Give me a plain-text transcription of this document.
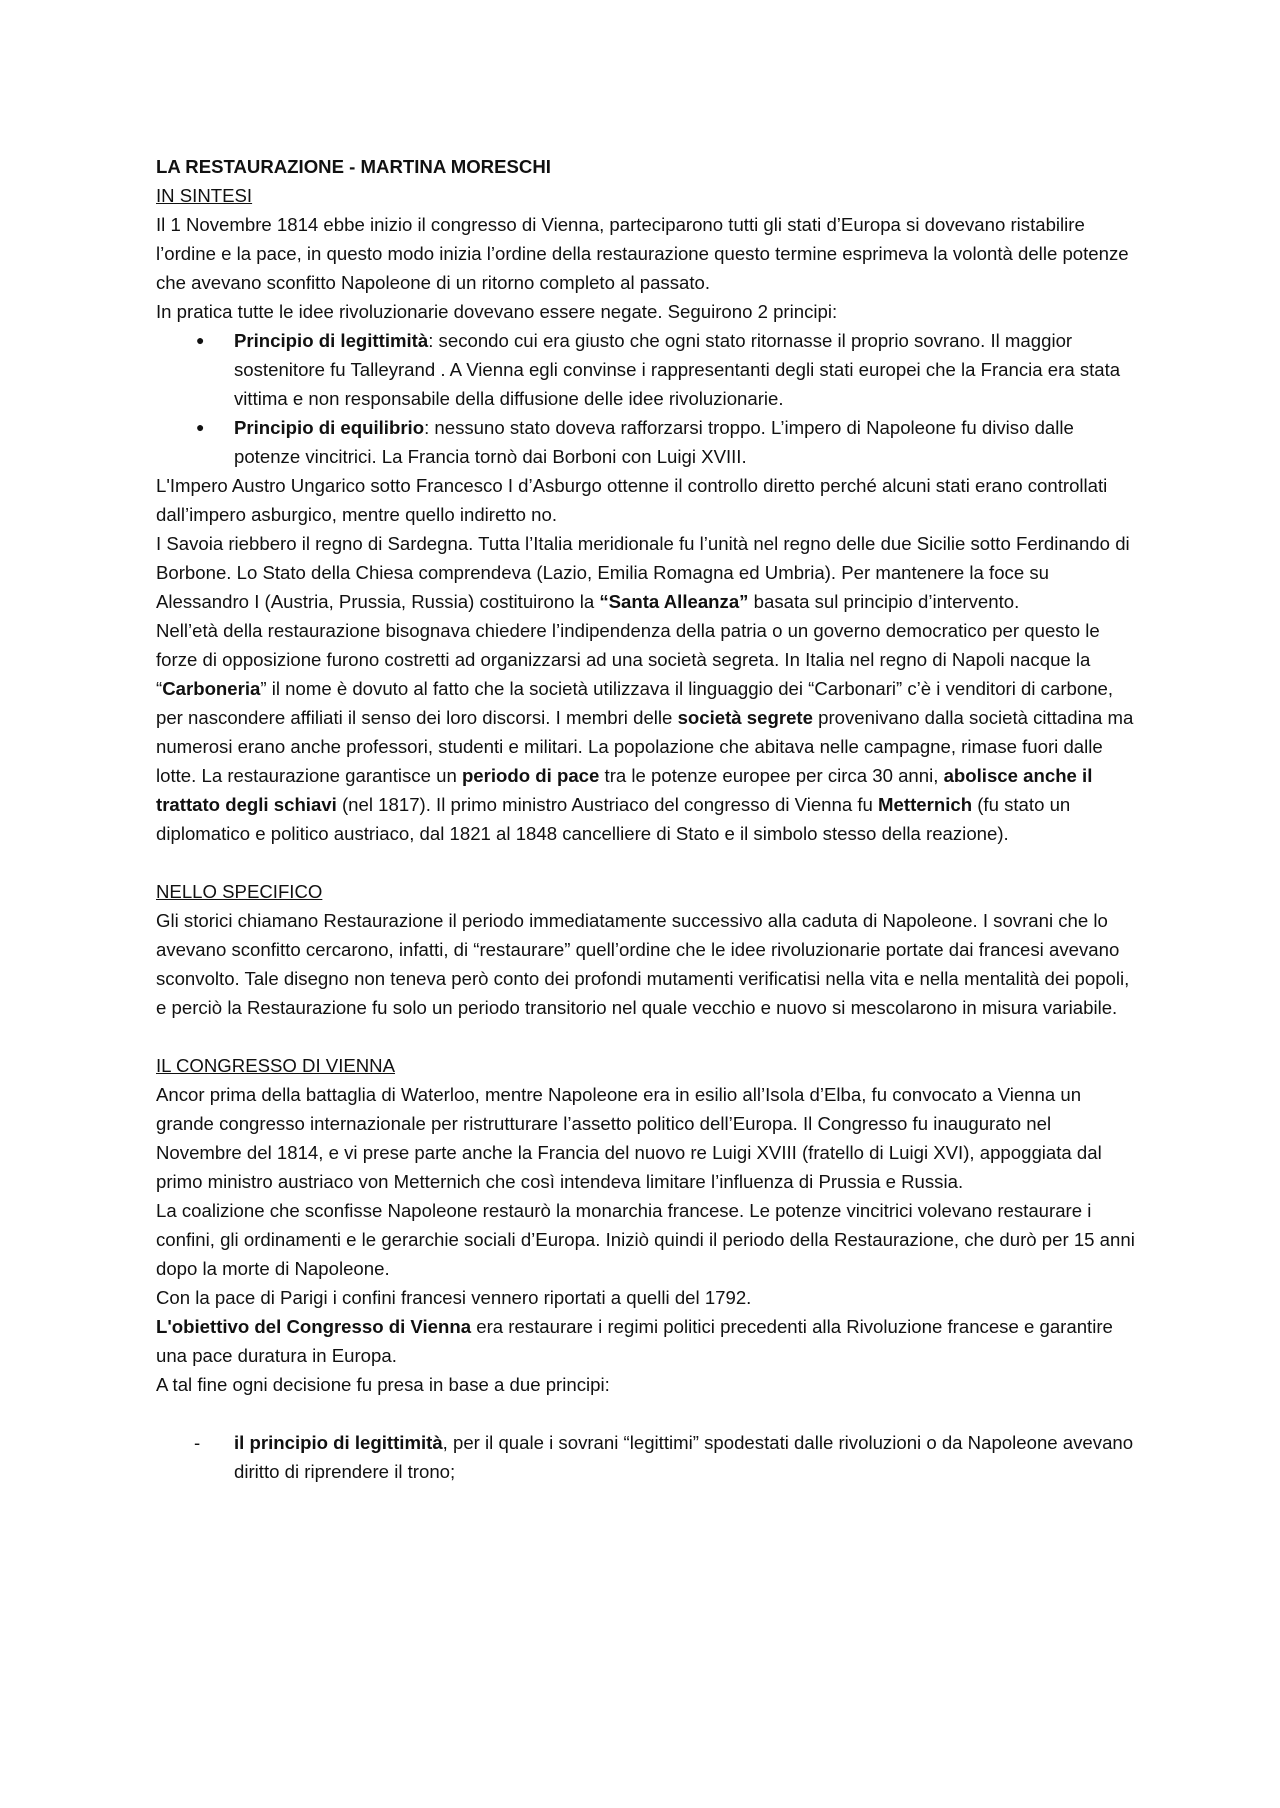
LA RESTAURAZIONE - MARTINA MORESCHI

IN SINTESI

Il 1 Novembre 1814 ebbe inizio il congresso di Vienna, parteciparono tutti gli stati d’Europa si dovevano ristabilire l’ordine e la pace, in questo modo inizia l’ordine della restaurazione questo termine esprimeva la volontà delle potenze che avevano sconfitto Napoleone di un ritorno completo al passato.

In pratica tutte le idee rivoluzionarie dovevano essere negate. Seguirono 2 principi:

● Principio di legittimità: secondo cui era giusto che ogni stato ritornasse il proprio sovrano. Il maggior sostenitore fu Talleyrand . A Vienna egli convinse i rappresentanti degli stati europei che la Francia era stata vittima e non responsabile della diffusione delle idee rivoluzionarie.
● Principio di equilibrio: nessuno stato doveva rafforzarsi troppo. L’impero di Napoleone fu diviso dalle potenze vincitrici. La Francia tornò dai Borboni con Luigi XVIII.

L'Impero Austro Ungarico sotto Francesco I d’Asburgo ottenne il controllo diretto perché alcuni stati erano controllati dall’impero asburgico, mentre quello indiretto no.

I Savoia riebbero il regno di Sardegna. Tutta l’Italia meridionale fu l’unità nel regno delle due Sicilie sotto Ferdinando di Borbone. Lo Stato della Chiesa comprendeva (Lazio, Emilia Romagna ed Umbria). Per mantenere la foce su Alessandro I (Austria, Prussia, Russia) costituirono la “Santa Alleanza” basata sul principio d’intervento.

Nell’età della restaurazione bisognava chiedere l’indipendenza della patria o un governo democratico per questo le forze di opposizione furono costretti ad organizzarsi ad una società segreta. In Italia nel regno di Napoli nacque la “Carboneria” il nome è dovuto al fatto che la società utilizzava il linguaggio dei “Carbonari” c’è i venditori di carbone, per nascondere affiliati il senso dei loro discorsi. I membri delle società segrete provenivano dalla società cittadina ma numerosi erano anche professori, studenti e militari. La popolazione che abitava nelle campagne, rimase fuori dalle lotte. La restaurazione garantisce un periodo di pace tra le potenze europee per circa 30 anni, abolisce anche il trattato degli schiavi (nel 1817). Il primo ministro Austriaco del congresso di Vienna fu Metternich (fu stato un diplomatico e politico austriaco, dal 1821 al 1848 cancelliere di Stato e il simbolo stesso della reazione).

NELLO SPECIFICO

Gli storici chiamano Restaurazione il periodo immediatamente successivo alla caduta di Napoleone. I sovrani che lo avevano sconfitto cercarono, infatti, di “restaurare” quell’ordine che le idee rivoluzionarie portate dai francesi avevano sconvolto. Tale disegno non teneva però conto dei profondi mutamenti verificatisi nella vita e nella mentalità dei popoli, e perciò la Restaurazione fu solo un periodo transitorio nel quale vecchio e nuovo si mescolarono in misura variabile.

IL CONGRESSO DI VIENNA

Ancor prima della battaglia di Waterloo, mentre Napoleone era in esilio all’Isola d’Elba, fu convocato a Vienna un grande congresso internazionale per ristrutturare l’assetto politico dell’Europa. Il Congresso fu inaugurato nel Novembre del 1814, e vi prese parte anche la Francia del nuovo re Luigi XVIII (fratello di Luigi XVI), appoggiata dal primo ministro austriaco von Metternich che così intendeva limitare l’influenza di Prussia e Russia.

La coalizione che sconfisse Napoleone restaurò la monarchia francese. Le potenze vincitrici volevano restaurare i confini, gli ordinamenti e le gerarchie sociali d’Europa. Iniziò quindi il periodo della Restaurazione, che durò per 15 anni dopo la morte di Napoleone.

Con la pace di Parigi i confini francesi vennero riportati a quelli del 1792.

L'obiettivo del Congresso di Vienna era restaurare i regimi politici precedenti alla Rivoluzione francese e garantire una pace duratura in Europa.

A tal fine ogni decisione fu presa in base a due principi:

- il principio di legittimità, per il quale i sovrani “legittimi” spodestati dalle rivoluzioni o da Napoleone avevano diritto di riprendere il trono;
